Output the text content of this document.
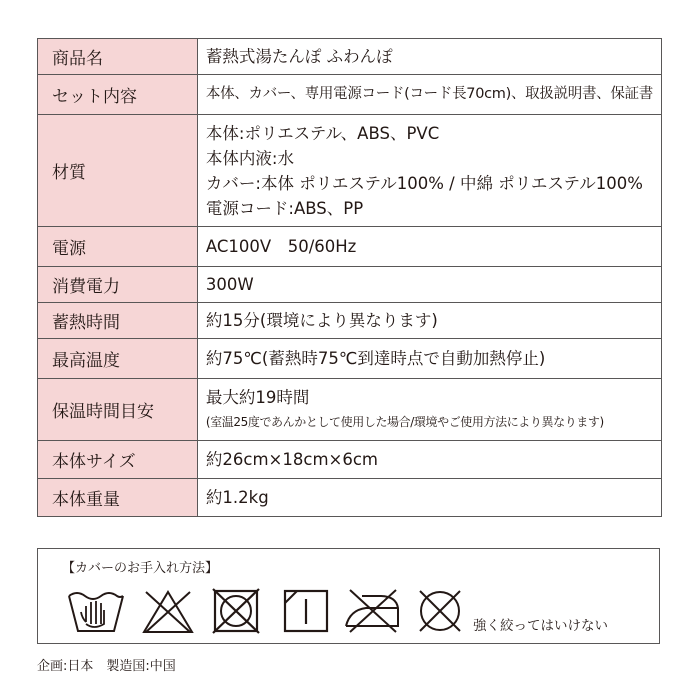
商品名	蓄熱式湯たんぽ ふわんぽ

セット内容	本体、カバー、専用電源コード(コード長70cm)、取扱説明書、保証書

材質	本体:ポリエステル、ABS、PVC
本体内液:水
カバー:本体 ポリエステル100% / 中綿 ポリエステル100%
電源コード:ABS、PP

電源	AC100V　50/60Hz

消費電力	300W

蓄熱時間	約15分(環境により異なります)

最高温度	約75℃(蓄熱時75℃到達時点で自動加熱停止)

保温時間目安	最大約19時間
(室温25度であんかとして使用した場合/環境やご使用方法により異なります)

本体サイズ	約26cm×18cm×6cm

本体重量	約1.2kg
【カバーのお手入れ方法】
強く絞ってはいけない
企画:日本　製造国:中国
